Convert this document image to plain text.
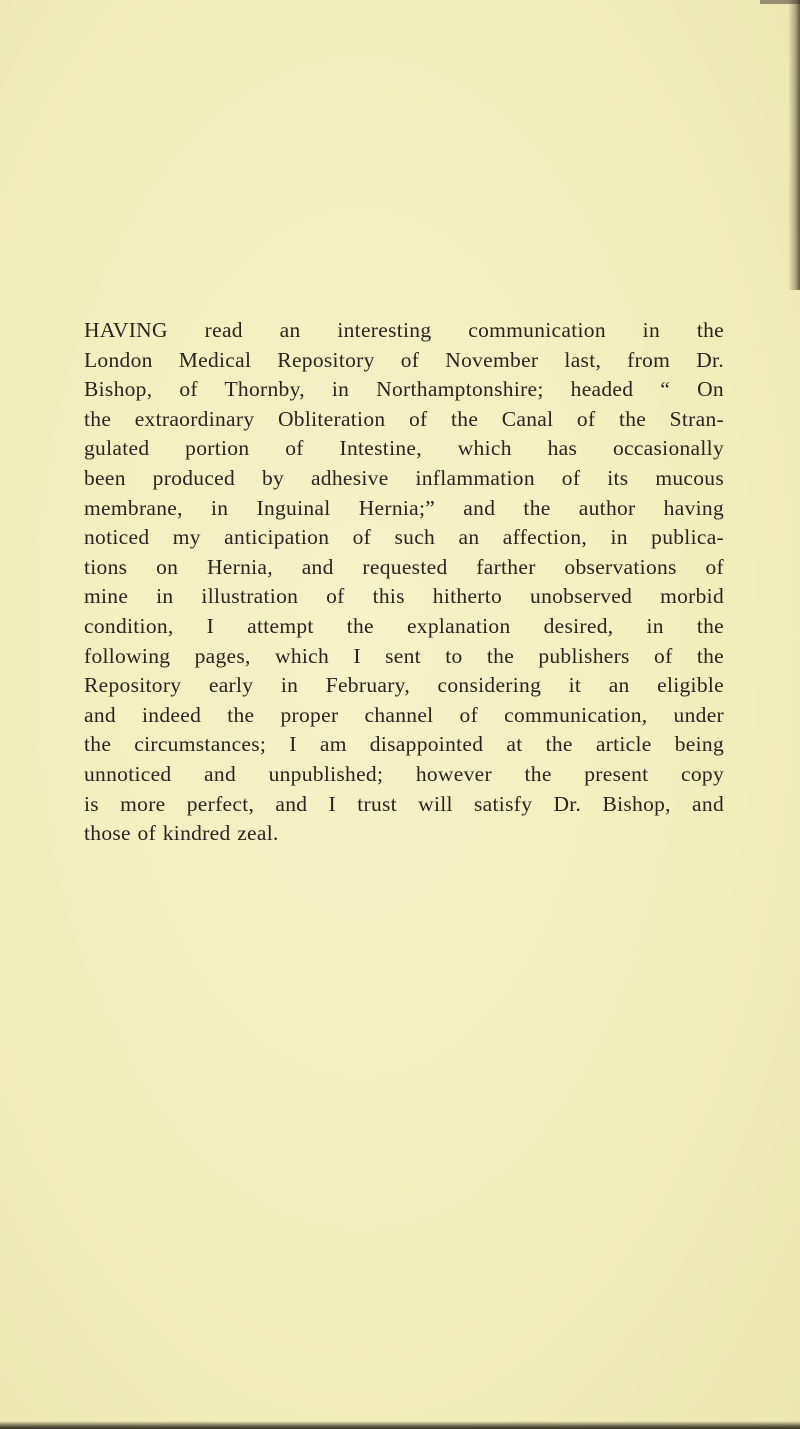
HAVING read an interesting communication in the
London Medical Repository of November last, from Dr.
Bishop, of Thornby, in Northamptonshire; headed “ On
the extraordinary Obliteration of the Canal of the Stran-
gulated portion of Intestine, which has occasionally
been produced by adhesive inflammation of its mucous
membrane, in Inguinal Hernia;” and the author having
noticed my anticipation of such an affection, in publica-
tions on Hernia, and requested farther observations of
mine in illustration of this hitherto unobserved morbid
condition, I attempt the explanation desired, in the
following pages, which I sent to the publishers of the
Repository early in February, considering it an eligible
and indeed the proper channel of communication, under
the circumstances; I am disappointed at the article being
unnoticed and unpublished; however the present copy
is more perfect, and I trust will satisfy Dr. Bishop, and
those of kindred zeal.
